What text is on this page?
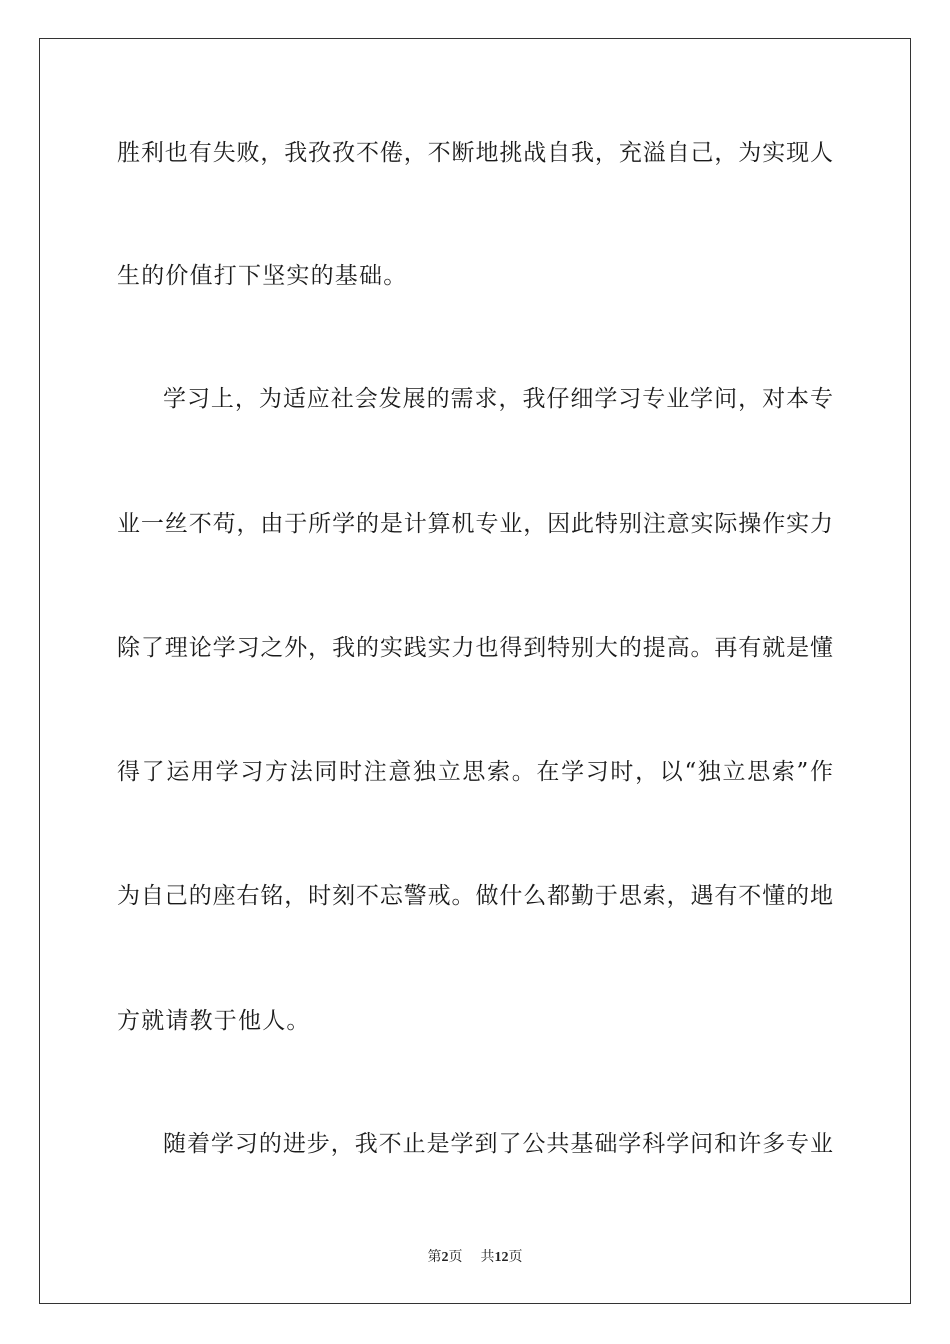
胜利也有失败，我孜孜不倦，不断地挑战自我，充溢自己，为实现人
生的价值打下坚实的基础。
学习上，为适应社会发展的需求，我仔细学习专业学问，对本专
业一丝不苟，由于所学的是计算机专业，因此特别注意实际操作实力
除了理论学习之外，我的实践实力也得到特别大的提高。再有就是懂
得了运用学习方法同时注意独立思索。在学习时，以“独立思索”作
为自己的座右铭，时刻不忘警戒。做什么都勤于思索，遇有不懂的地
方就请教于他人。
随着学习的进步，我不止是学到了公共基础学科学问和许多专业
第2页 共12页
